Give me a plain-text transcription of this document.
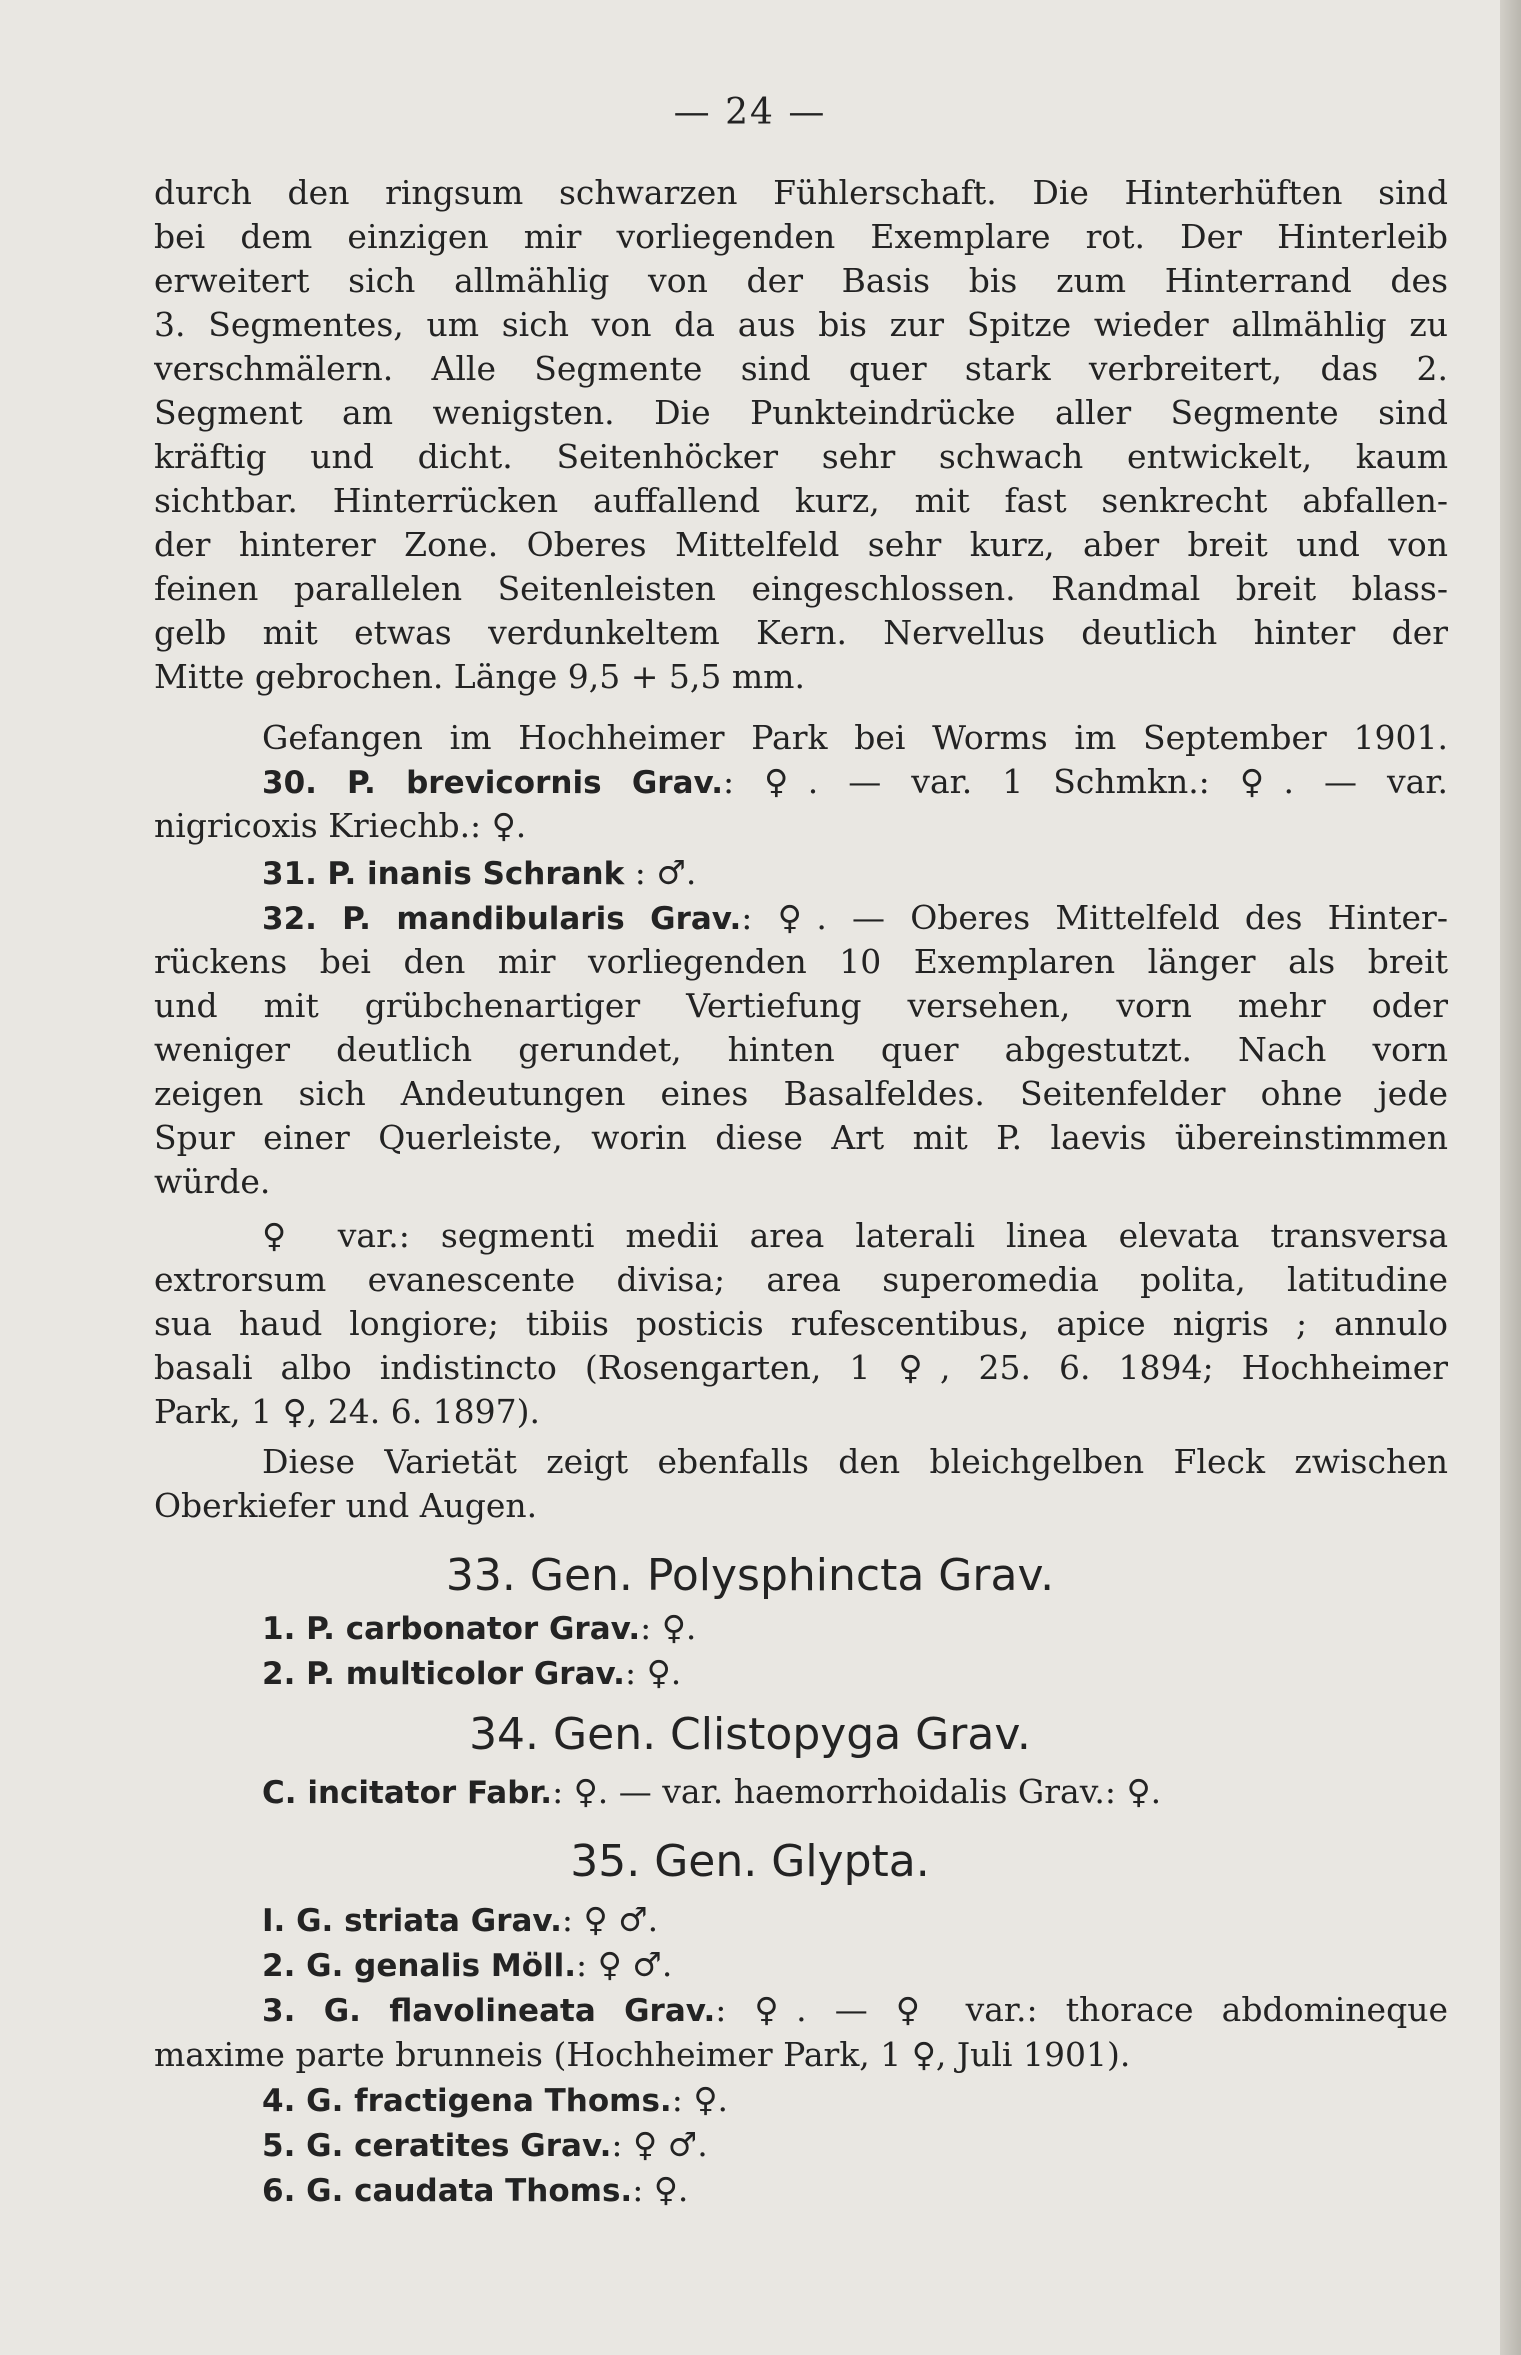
— 24 —
durch den ringsum schwarzen Fühlerschaft. Die Hinterhüften sind
bei dem einzigen mir vorliegenden Exemplare rot. Der Hinterleib
erweitert sich allmählig von der Basis bis zum Hinterrand des
3. Segmentes, um sich von da aus bis zur Spitze wieder allmählig zu
verschmälern. Alle Segmente sind quer stark verbreitert, das 2.
Segment am wenigsten. Die Punkteindrücke aller Segmente sind
kräftig und dicht. Seitenhöcker sehr schwach entwickelt, kaum
sichtbar. Hinterrücken auffallend kurz, mit fast senkrecht abfallen-
der hinterer Zone. Oberes Mittelfeld sehr kurz, aber breit und von
feinen parallelen Seitenleisten eingeschlossen. Randmal breit blass-
gelb mit etwas verdunkeltem Kern. Nervellus deutlich hinter der
Mitte gebrochen. Länge 9,5 + 5,5 mm.
Gefangen im Hochheimer Park bei Worms im September 1901.
30. P. brevicornis Grav.: ♀. — var. 1 Schmkn.: ♀. — var.
nigricoxis Kriechb.: ♀.
31. P. inanis Schrank : ♂.
32. P. mandibularis Grav.: ♀. — Oberes Mittelfeld des Hinter-
rückens bei den mir vorliegenden 10 Exemplaren länger als breit
und mit grübchenartiger Vertiefung versehen, vorn mehr oder
weniger deutlich gerundet, hinten quer abgestutzt. Nach vorn
zeigen sich Andeutungen eines Basalfeldes. Seitenfelder ohne jede
Spur einer Querleiste, worin diese Art mit P. laevis übereinstimmen
würde.
♀ var.: segmenti medii area laterali linea elevata transversa
extrorsum evanescente divisa; area superomedia polita, latitudine
sua haud longiore; tibiis posticis rufescentibus, apice nigris ; annulo
basali albo indistincto (Rosengarten, 1 ♀, 25. 6. 1894; Hochheimer
Park, 1 ♀, 24. 6. 1897).
Diese Varietät zeigt ebenfalls den bleichgelben Fleck zwischen
Oberkiefer und Augen.
33. Gen. Polysphincta Grav.
1. P. carbonator Grav.: ♀.
2. P. multicolor Grav.: ♀.
34. Gen. Clistopyga Grav.
C. incitator Fabr.: ♀. — var. haemorrhoidalis Grav.: ♀.
35. Gen. Glypta.
I. G. striata Grav.: ♀ ♂.
2. G. genalis Möll.: ♀ ♂.
3. G. flavolineata Grav.: ♀. — ♀ var.: thorace abdomineque
maxime parte brunneis (Hochheimer Park, 1 ♀, Juli 1901).
4. G. fractigena Thoms.: ♀.
5. G. ceratites Grav.: ♀ ♂.
6. G. caudata Thoms.: ♀.
